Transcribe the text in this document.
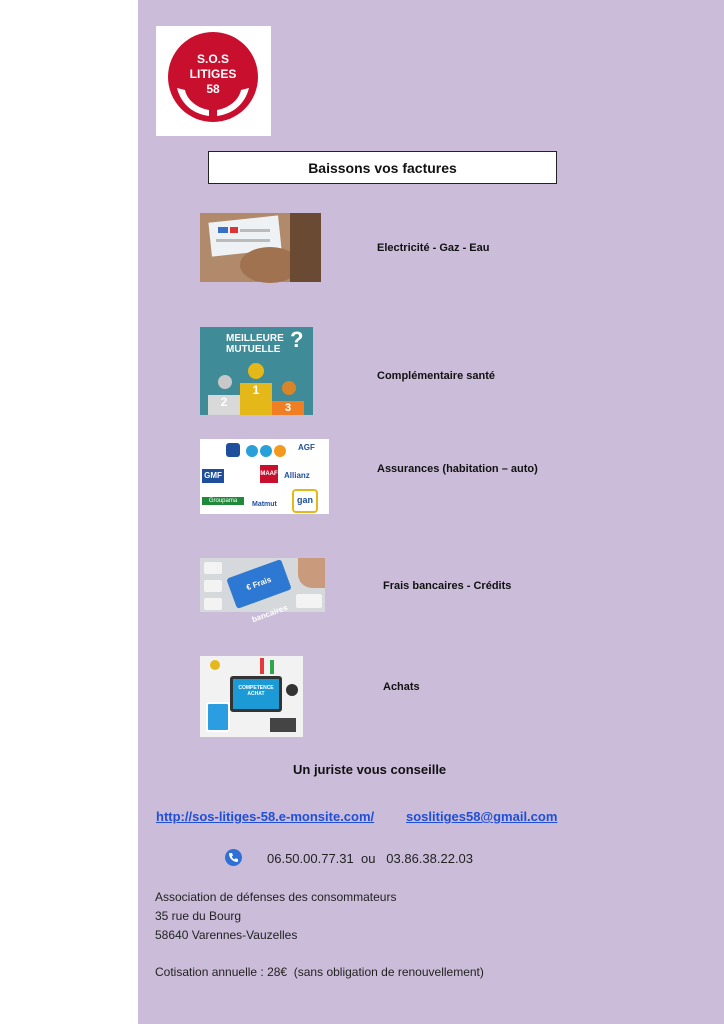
S.O.S
LITIGES
58
Baissons vos factures
Electricité - Gaz - Eau
MEILLEURE
MUTUELLE ?
1
2	3
Complémentaire santé
AGF
GMF	MAAF Allianz
Groupama	Matmut	gan
Assurances (habitation – auto)
€ Frais bancaires
Frais bancaires - Crédits
COMPETENCE ACHAT
Achats
Un juriste vous conseille
http://sos-litiges-58.e-monsite.com/ soslitiges58@gmail.com
06.50.00.77.31  ou   03.86.38.22.03
Association de défenses des consommateurs
35 rue du Bourg
58640 Varennes-Vauzelles
Cotisation annuelle : 28€  (sans obligation de renouvellement)
